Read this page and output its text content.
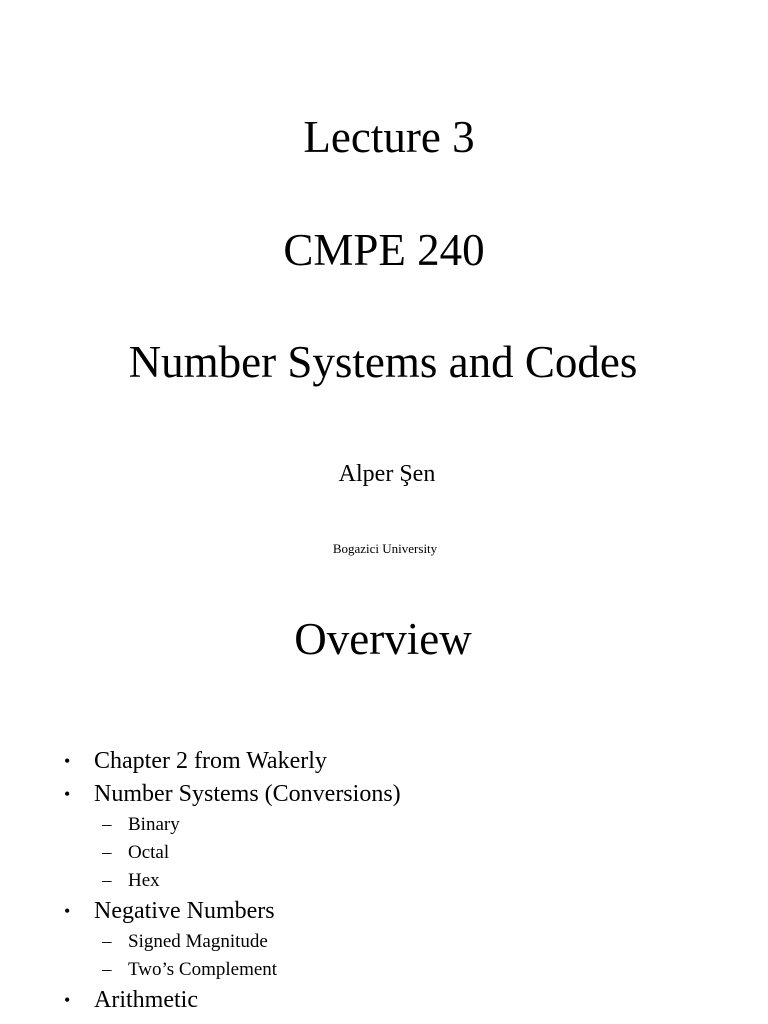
Lecture 3
CMPE 240
Number Systems and Codes
Alper Şen
Bogazici University
Overview
• Chapter 2 from Wakerly
• Number Systems (Conversions)
– Binary
– Octal
– Hex
• Negative Numbers
– Signed Magnitude
– Two’s Complement
• Arithmetic
